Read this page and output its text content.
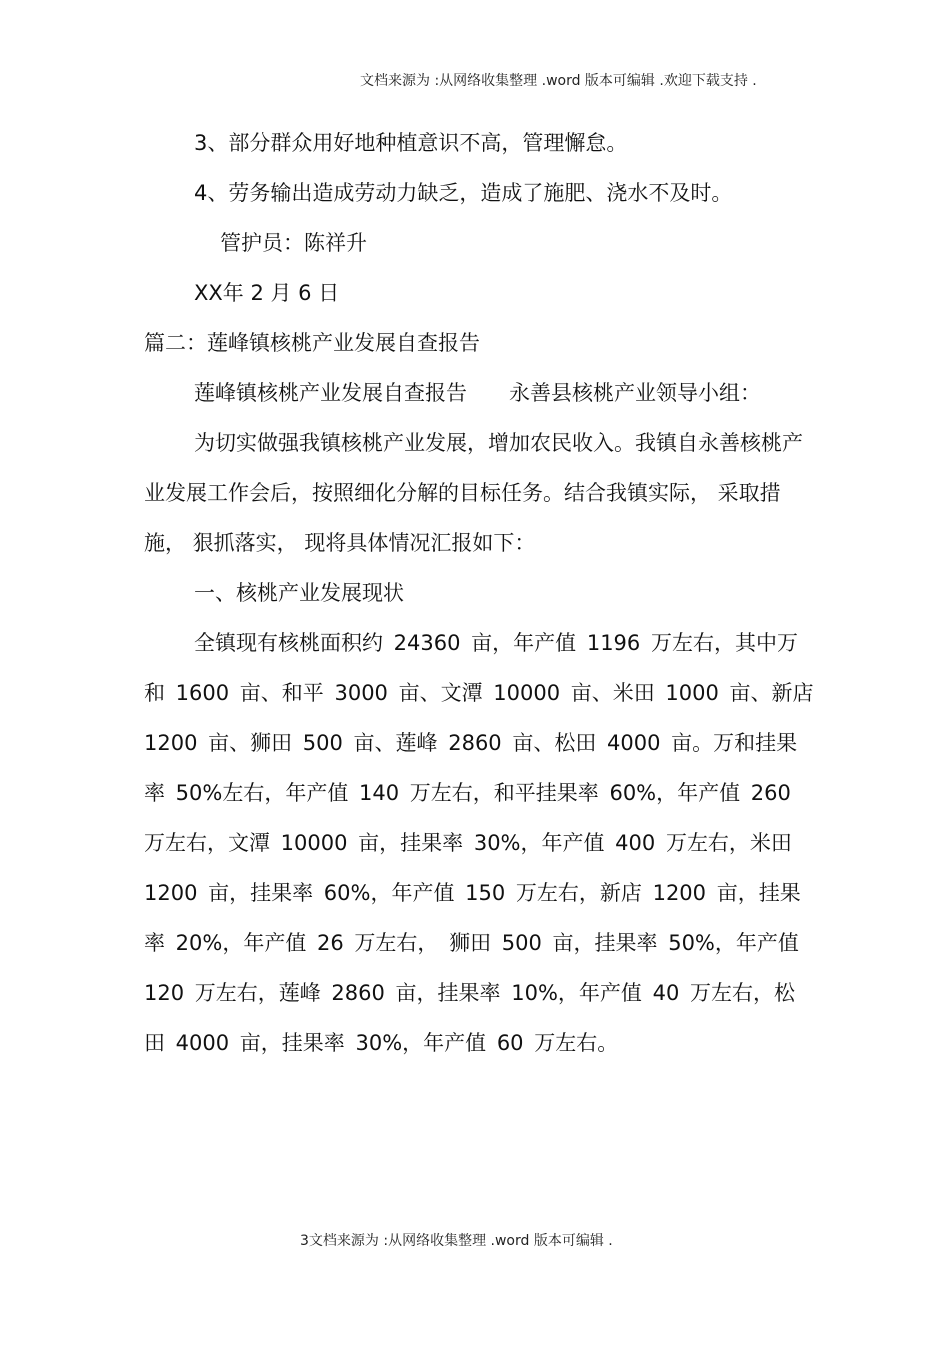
文档来源为 :从网络收集整理 .word 版本可编辑 .欢迎下载支持 .

3、部分群众用好地种植意识不高，管理懈怠。

4、劳务输出造成劳动力缺乏，造成了施肥、浇水不及时。

管护员：陈祥升

XX年 2 月 6 日

篇二：莲峰镇核桃产业发展自查报告

莲峰镇核桃产业发展自查报告　　永善县核桃产业领导小组：

为切实做强我镇核桃产业发展，增加农民收入。我镇自永善核桃产业发展工作会后，按照细化分解的目标任务。结合我镇实际， 采取措施， 狠抓落实， 现将具体情况汇报如下：

一、核桃产业发展现状

全镇现有核桃面积约 24360 亩，年产值 1196 万左右，其中万和 1600 亩、和平 3000 亩、文潭 10000 亩、米田 1000 亩、新店 1200 亩、狮田 500 亩、莲峰 2860 亩、松田 4000 亩。万和挂果率 50%左右，年产值 140 万左右，和平挂果率 60%，年产值 260 万左右，文潭 10000 亩，挂果率 30%，年产值 400 万左右，米田 1200 亩，挂果率 60%，年产值 150 万左右，新店 1200 亩，挂果率 20%，年产值 26 万左右， 狮田 500 亩，挂果率 50%，年产值 120 万左右，莲峰 2860 亩，挂果率 10%，年产值 40 万左右，松田 4000 亩，挂果率 30%，年产值 60 万左右。

3文档来源为 :从网络收集整理 .word 版本可编辑 .
